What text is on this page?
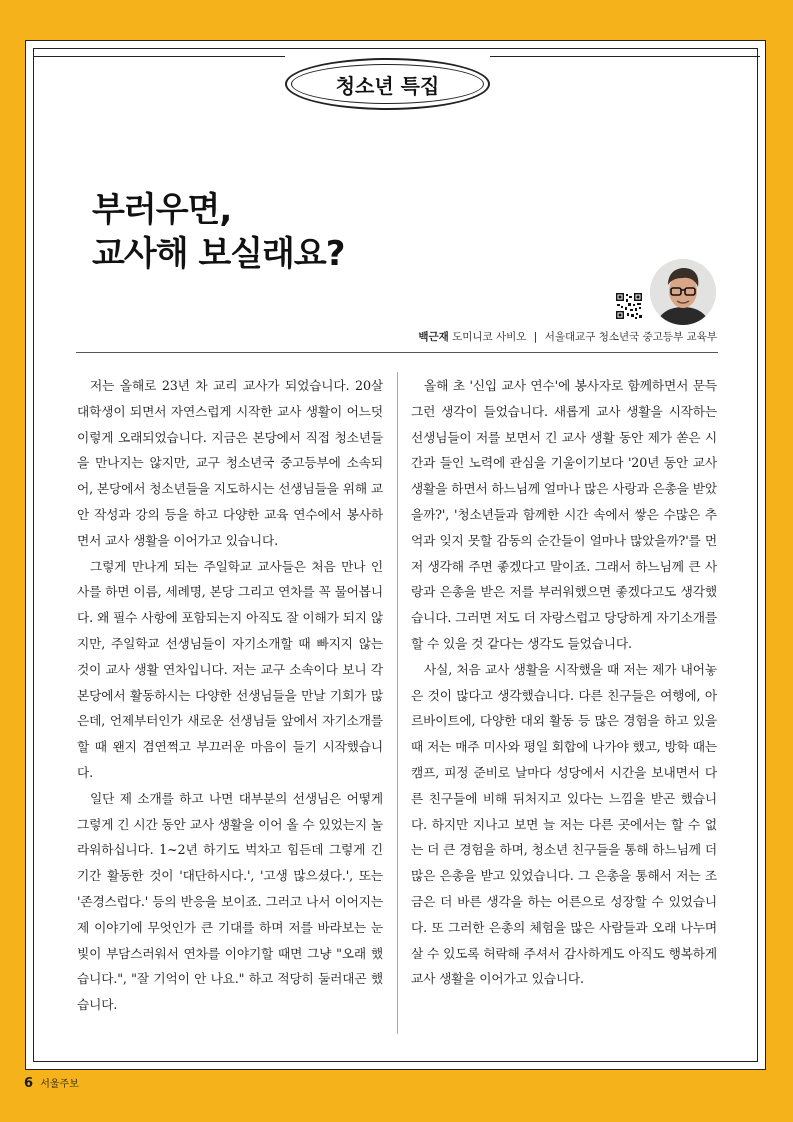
청소년 특집
부러우면,
교사해 보실래요?
백근재 도미니코 사비오 | 서울대교구 청소년국 중고등부 교육부

저는 올해로 23년 차 교리 교사가 되었습니다. 20살 대학생이 되면서 자연스럽게 시작한 교사 생활이 어느덧 이렇게 오래되었습니다. 지금은 본당에서 직접 청소년들을 만나지는 않지만, 교구 청소년국 중고등부에 소속되어, 본당에서 청소년들을 지도하시는 선생님들을 위해 교안 작성과 강의 등을 하고 다양한 교육 연수에서 봉사하면서 교사 생활을 이어가고 있습니다.

그렇게 만나게 되는 주일학교 교사들은 처음 만나 인사를 하면 이름, 세례명, 본당 그리고 연차를 꼭 물어봅니다. 왜 필수 사항에 포함되는지 아직도 잘 이해가 되지 않지만, 주일학교 선생님들이 자기소개할 때 빠지지 않는 것이 교사 생활 연차입니다. 저는 교구 소속이다 보니 각 본당에서 활동하시는 다양한 선생님들을 만날 기회가 많은데, 언제부터인가 새로운 선생님들 앞에서 자기소개를 할 때 왠지 겸연쩍고 부끄러운 마음이 들기 시작했습니다.

일단 제 소개를 하고 나면 대부분의 선생님은 어떻게 그렇게 긴 시간 동안 교사 생활을 이어 올 수 있었는지 놀라워하십니다. 1~2년 하기도 벅차고 힘든데 그렇게 긴 기간 활동한 것이 '대단하시다.', '고생 많으셨다.', 또는 '존경스럽다.' 등의 반응을 보이죠. 그러고 나서 이어지는 제 이야기에 무엇인가 큰 기대를 하며 저를 바라보는 눈빛이 부담스러워서 연차를 이야기할 때면 그냥 "오래 했습니다.", "잘 기억이 안 나요." 하고 적당히 둘러대곤 했습니다.

올해 초 '신입 교사 연수'에 봉사자로 함께하면서 문득 그런 생각이 들었습니다. 새롭게 교사 생활을 시작하는 선생님들이 저를 보면서 긴 교사 생활 동안 제가 쏟은 시간과 들인 노력에 관심을 기울이기보다 '20년 동안 교사 생활을 하면서 하느님께 얼마나 많은 사랑과 은총을 받았을까?', '청소년들과 함께한 시간 속에서 쌓은 수많은 추억과 잊지 못할 감동의 순간들이 얼마나 많았을까?'를 먼저 생각해 주면 좋겠다고 말이죠. 그래서 하느님께 큰 사랑과 은총을 받은 저를 부러워했으면 좋겠다고도 생각했습니다. 그러면 저도 더 자랑스럽고 당당하게 자기소개를 할 수 있을 것 같다는 생각도 들었습니다.

사실, 처음 교사 생활을 시작했을 때 저는 제가 내어놓은 것이 많다고 생각했습니다. 다른 친구들은 여행에, 아르바이트에, 다양한 대외 활동 등 많은 경험을 하고 있을 때 저는 매주 미사와 평일 회합에 나가야 했고, 방학 때는 캠프, 피정 준비로 날마다 성당에서 시간을 보내면서 다른 친구들에 비해 뒤처지고 있다는 느낌을 받곤 했습니다. 하지만 지나고 보면 늘 저는 다른 곳에서는 할 수 없는 더 큰 경험을 하며, 청소년 친구들을 통해 하느님께 더 많은 은총을 받고 있었습니다. 그 은총을 통해서 저는 조금은 더 바른 생각을 하는 어른으로 성장할 수 있었습니다. 또 그러한 은총의 체험을 많은 사람들과 오래 나누며 살 수 있도록 허락해 주셔서 감사하게도 아직도 행복하게 교사 생활을 이어가고 있습니다.

6 서울주보
